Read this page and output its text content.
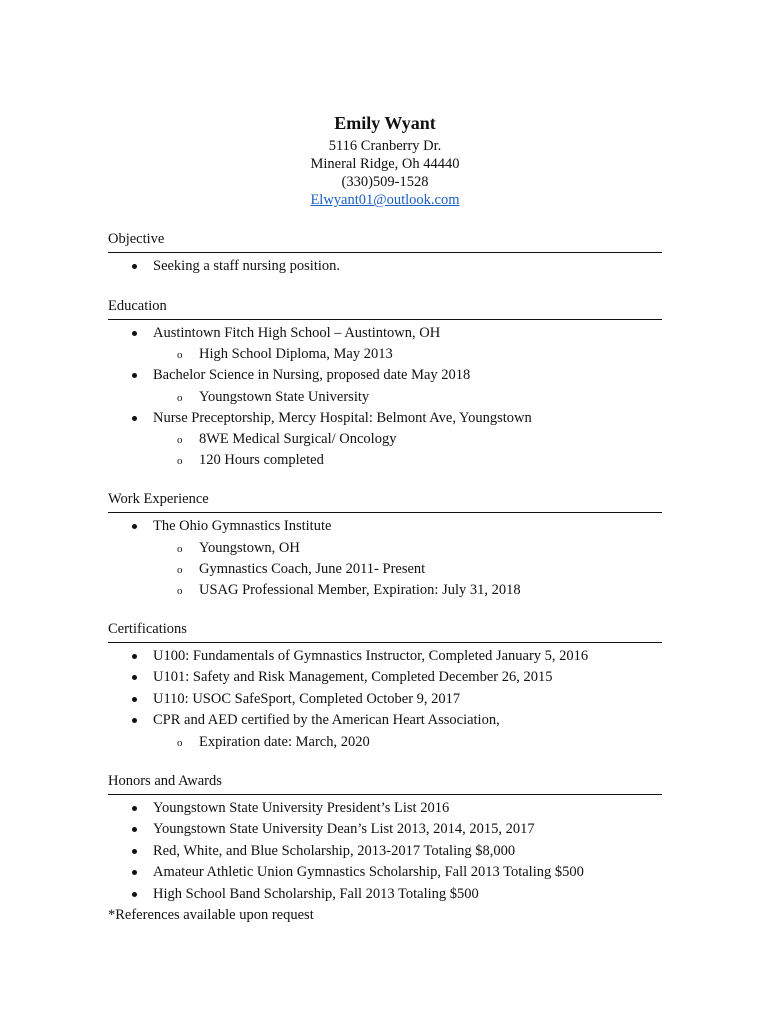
Emily Wyant
5116 Cranberry Dr.
Mineral Ridge, Oh 44440
(330)509-1528
Elwyant01@outlook.com
Objective
Seeking a staff nursing position.
Education
Austintown Fitch High School – Austintown, OH
o High School Diploma, May 2013
Bachelor Science in Nursing, proposed date May 2018
o Youngstown State University
Nurse Preceptorship, Mercy Hospital: Belmont Ave, Youngstown
o 8WE Medical Surgical/ Oncology
o 120 Hours completed
Work Experience
The Ohio Gymnastics Institute
o Youngstown, OH
o Gymnastics Coach, June 2011- Present
o USAG Professional Member, Expiration: July 31, 2018
Certifications
U100: Fundamentals of Gymnastics Instructor, Completed January 5, 2016
U101: Safety and Risk Management, Completed December 26, 2015
U110: USOC SafeSport, Completed October 9, 2017
CPR and AED certified by the American Heart Association,
o Expiration date: March, 2020
Honors and Awards
Youngstown State University President’s List 2016
Youngstown State University Dean’s List 2013, 2014, 2015, 2017
Red, White, and Blue Scholarship, 2013-2017 Totaling $8,000
Amateur Athletic Union Gymnastics Scholarship, Fall 2013 Totaling $500
High School Band Scholarship, Fall 2013 Totaling $500
*References available upon request
